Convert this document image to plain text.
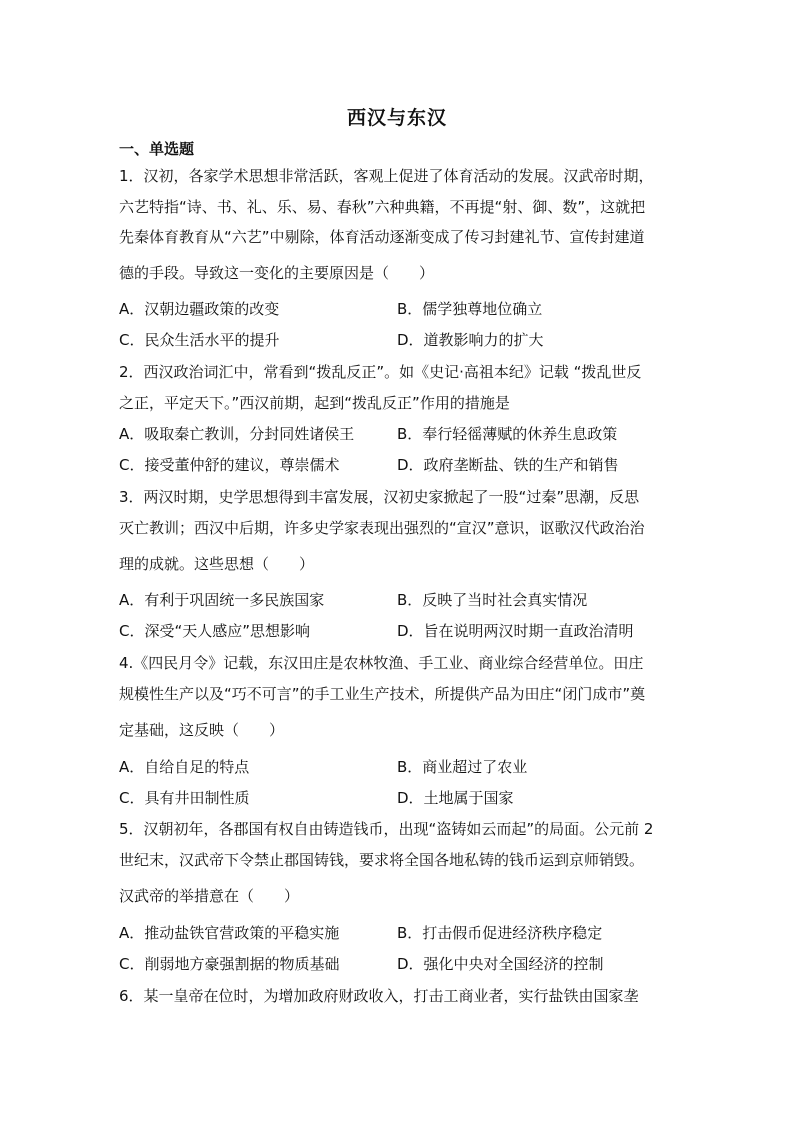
西汉与东汉
一、单选题
1．汉初，各家学术思想非常活跃，客观上促进了体育活动的发展。汉武帝时期，
六艺特指“诗、书、礼、乐、易、春秋”六种典籍，不再提“射、御、数”，这就把
先秦体育教育从“六艺”中剔除，体育活动逐渐变成了传习封建礼节、宣传封建道
德的手段。导致这一变化的主要原因是（　　）
A．汉朝边疆政策的改变	B．儒学独尊地位确立
C．民众生活水平的提升	D．道教影响力的扩大
2．西汉政治词汇中，常看到“拨乱反正”。如《史记·高祖本纪》记载 “拨乱世反
之正，平定天下。”西汉前期，起到“拨乱反正”作用的措施是
A．吸取秦亡教训，分封同姓诸侯王	B．奉行轻徭薄赋的休养生息政策
C．接受董仲舒的建议，尊崇儒术	D．政府垄断盐、铁的生产和销售
3．两汉时期，史学思想得到丰富发展，汉初史家掀起了一股“过秦”思潮，反思
灭亡教训；西汉中后期，许多史学家表现出强烈的“宣汉”意识，讴歌汉代政治治
理的成就。这些思想（　　）
A．有利于巩固统一多民族国家	B．反映了当时社会真实情况
C．深受“天人感应”思想影响	D．旨在说明两汉时期一直政治清明
4.《四民月令》记载，东汉田庄是农林牧渔、手工业、商业综合经营单位。田庄
规模性生产以及“巧不可言”的手工业生产技术，所提供产品为田庄“闭门成市”奠
定基础，这反映（　　）
A．自给自足的特点	B．商业超过了农业
C．具有井田制性质	D．土地属于国家
5．汉朝初年，各郡国有权自由铸造钱币，出现“盗铸如云而起”的局面。公元前 2
世纪末，汉武帝下令禁止郡国铸钱，要求将全国各地私铸的钱币运到京师销毁。
汉武帝的举措意在（　　）
A．推动盐铁官营政策的平稳实施	B．打击假币促进经济秩序稳定
C．削弱地方豪强割据的物质基础	D．强化中央对全国经济的控制
6．某一皇帝在位时，为增加政府财政收入，打击工商业者，实行盐铁由国家垄
